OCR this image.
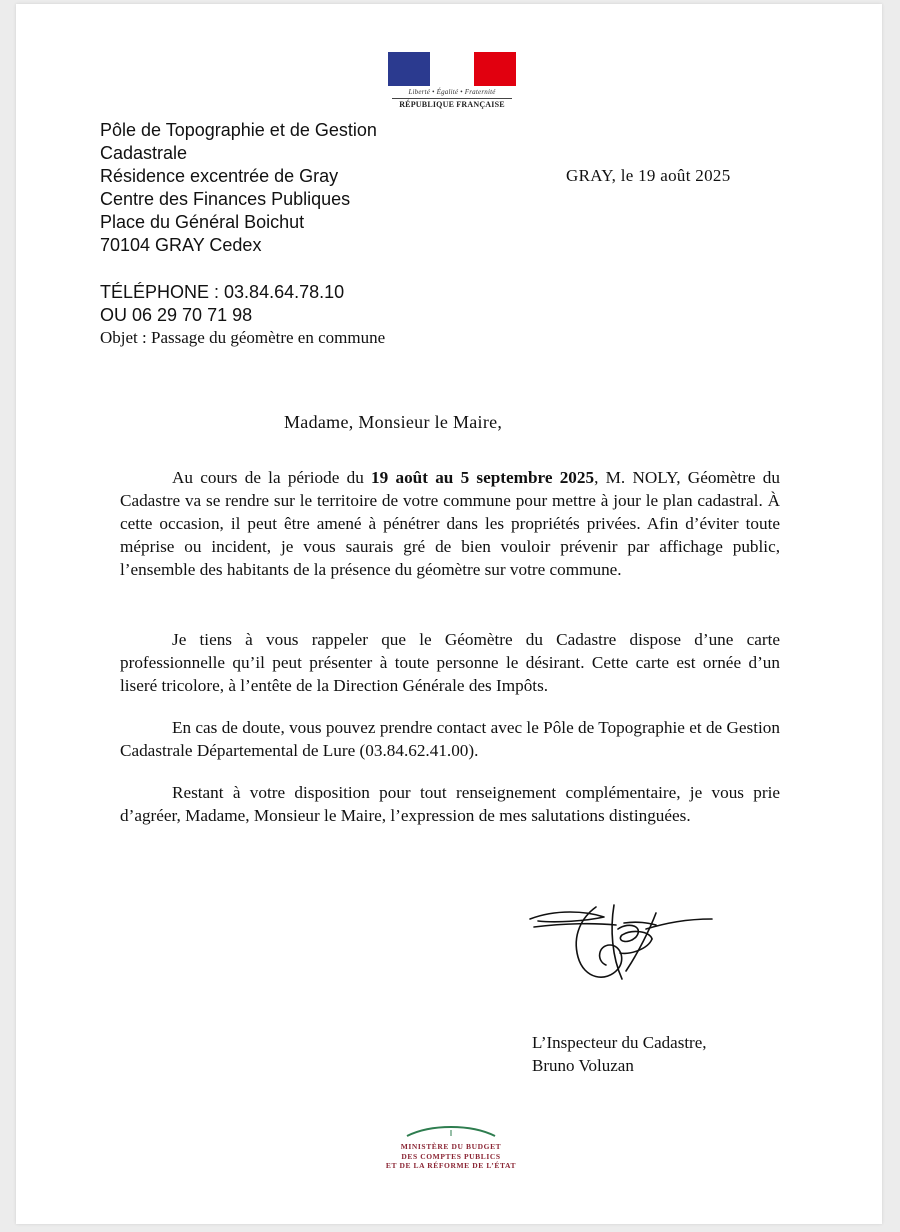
Liberté • Égalité • Fraternité
RÉPUBLIQUE FRANÇAISE
Pôle de Topographie et de Gestion
Cadastrale
Résidence excentrée de Gray
Centre des Finances Publiques
Place du Général Boichut
70104 GRAY Cedex
GRAY, le 19 août 2025
TÉLÉPHONE : 03.84.64.78.10
OU 06 29 70 71 98
Objet : Passage du géomètre en commune
Madame, Monsieur le Maire,

Au cours de la période du 19 août au 5 septembre 2025, M. NOLY, Géomètre du Cadastre va se rendre sur le territoire de votre commune pour mettre à jour le plan cadastral. À cette occasion, il peut être amené à pénétrer dans les propriétés privées. Afin d’éviter toute méprise ou incident, je vous saurais gré de bien vouloir prévenir par affichage public, l’ensemble des habitants de la présence du géomètre sur votre commune.

Je tiens à vous rappeler que le Géomètre du Cadastre dispose d’une carte professionnelle qu’il peut présenter à toute personne le désirant. Cette carte est ornée d’un liseré tricolore, à l’entête de la Direction Générale des Impôts.

En cas de doute, vous pouvez prendre contact avec le Pôle de Topographie et de Gestion Cadastrale Départemental de Lure (03.84.62.41.00).

Restant à votre disposition pour tout renseignement complémentaire, je vous prie d’agréer, Madame, Monsieur le Maire, l’expression de mes salutations distinguées.

L’Inspecteur du Cadastre,
Bruno Voluzan
MINISTÈRE DU BUDGET
DES COMPTES PUBLICS
ET DE LA RÉFORME DE L’ÉTAT
